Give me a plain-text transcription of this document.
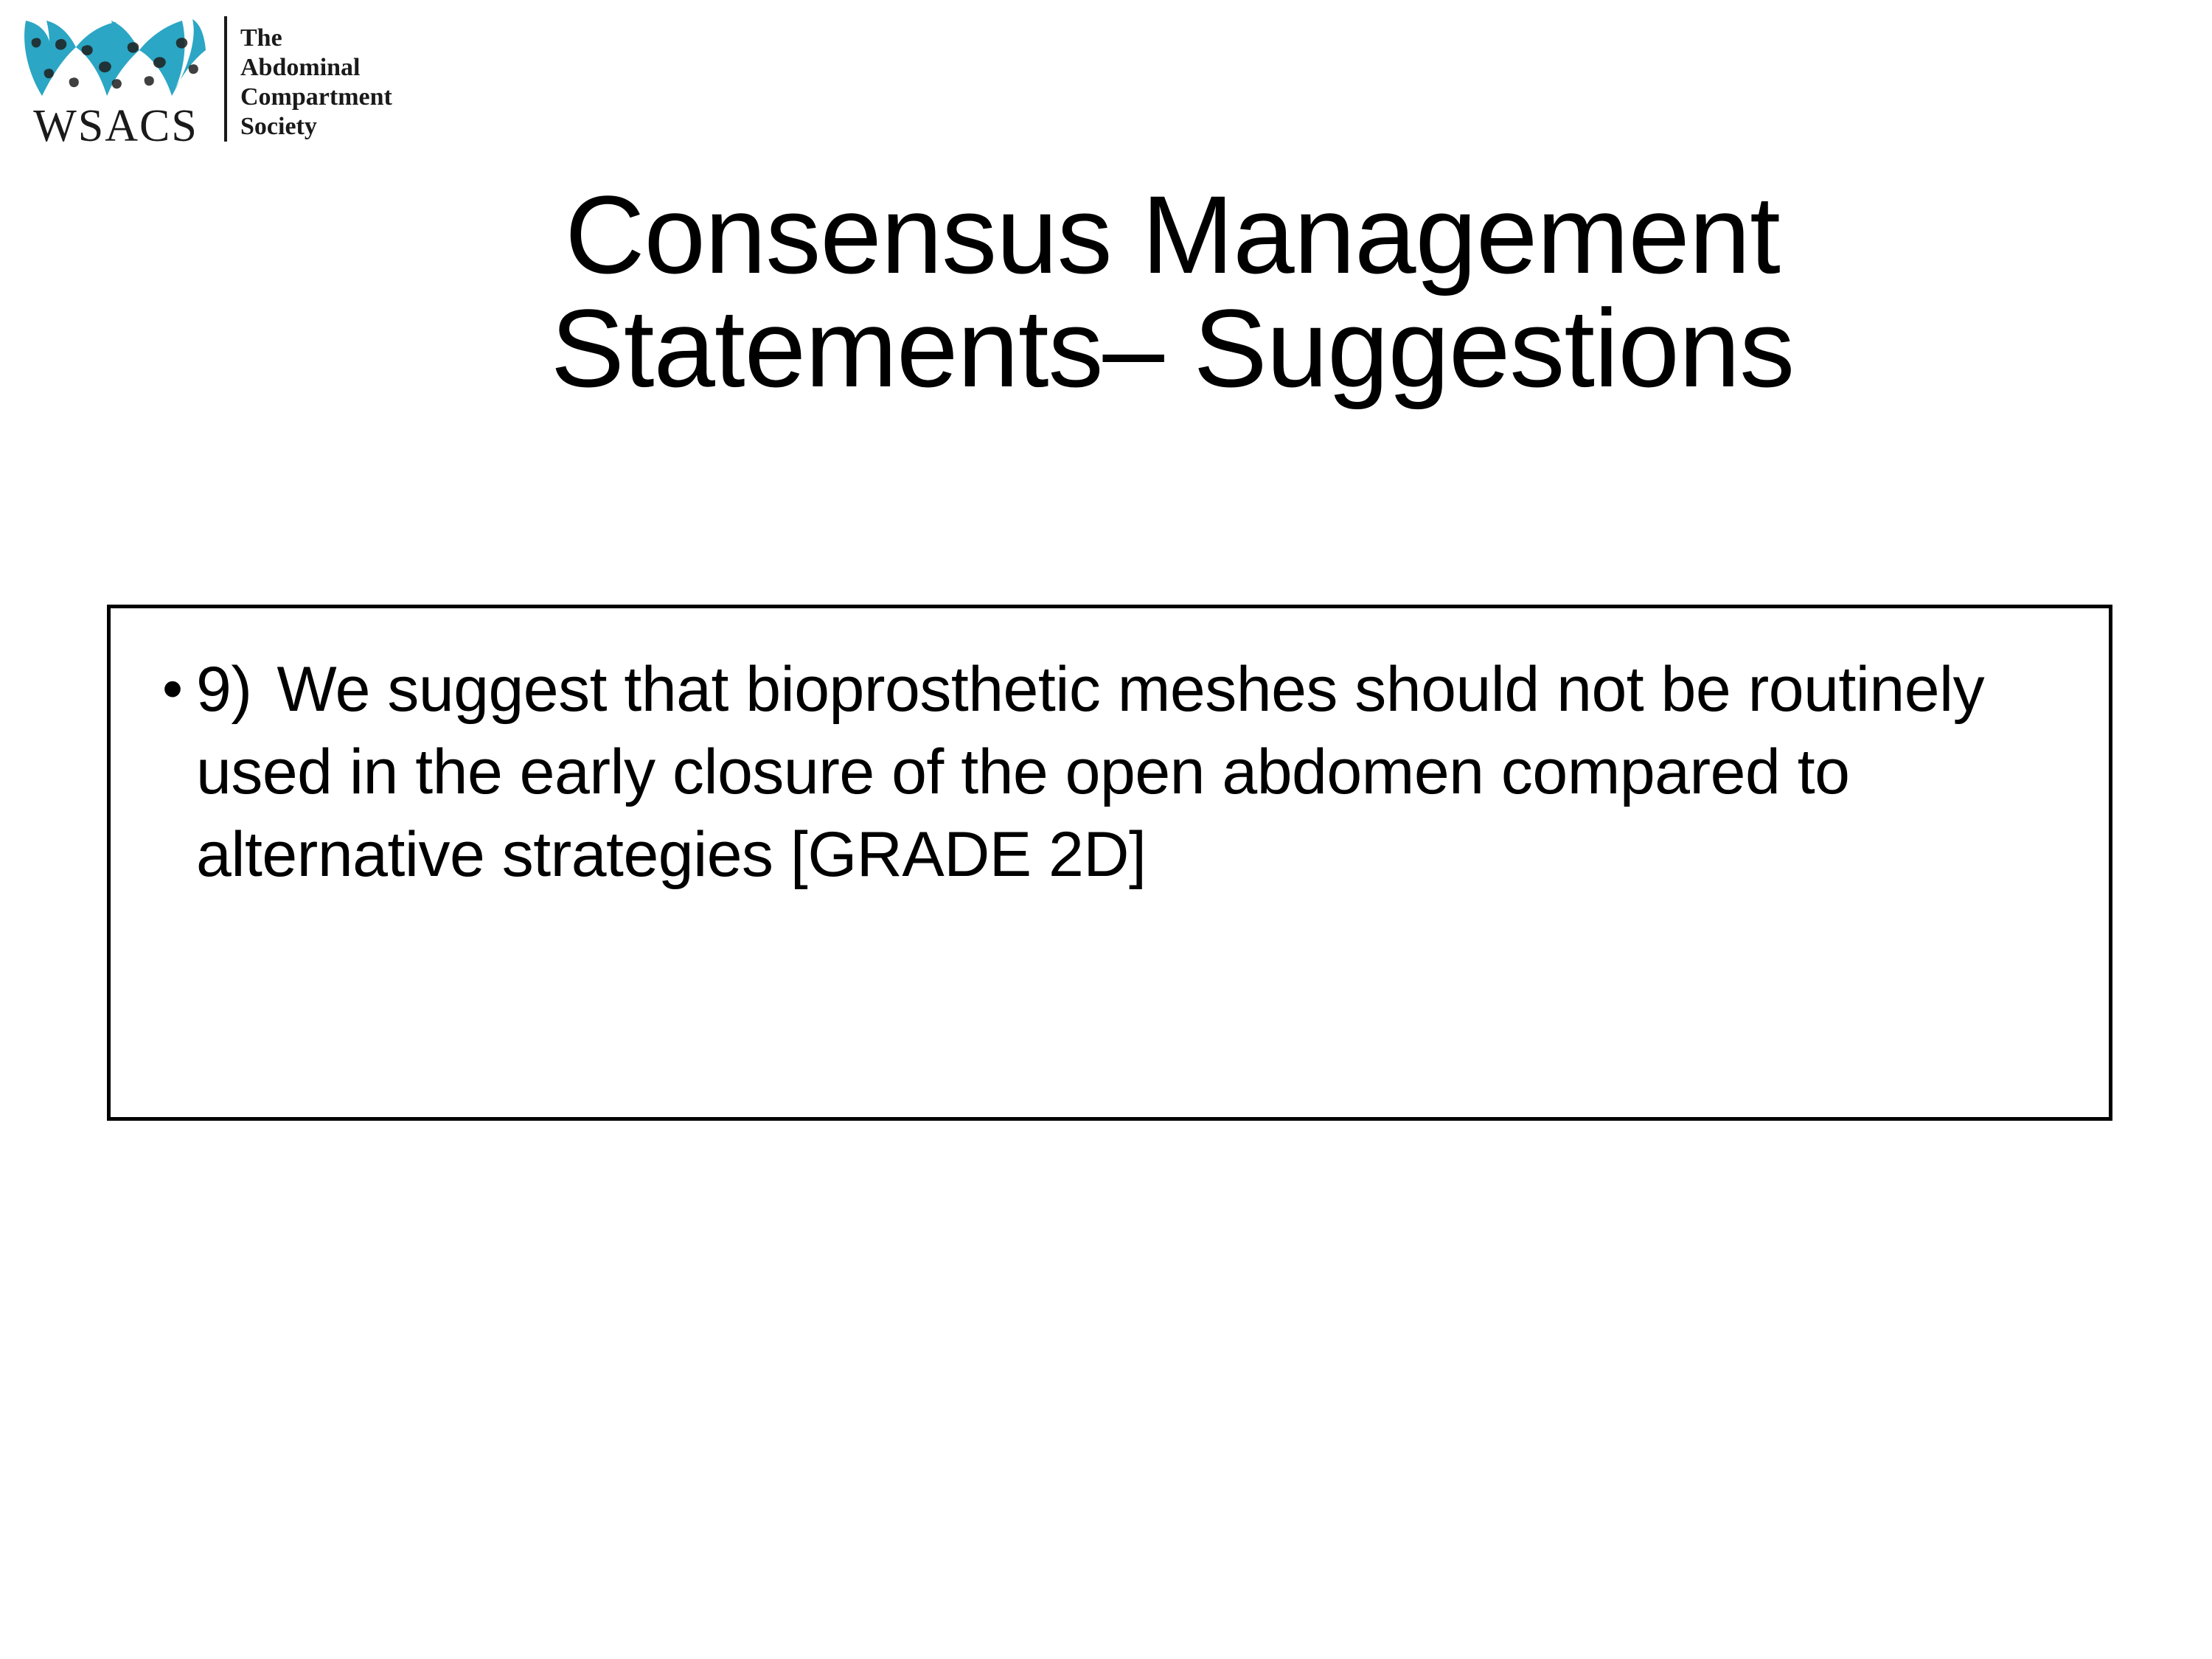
WSACS
The
Abdominal
Compartment
Society
Consensus Management
Statements– Suggestions
• 9) We suggest that bioprosthetic meshes should not be routinely used in the early closure of the open abdomen compared to alternative strategies [GRADE 2D]
